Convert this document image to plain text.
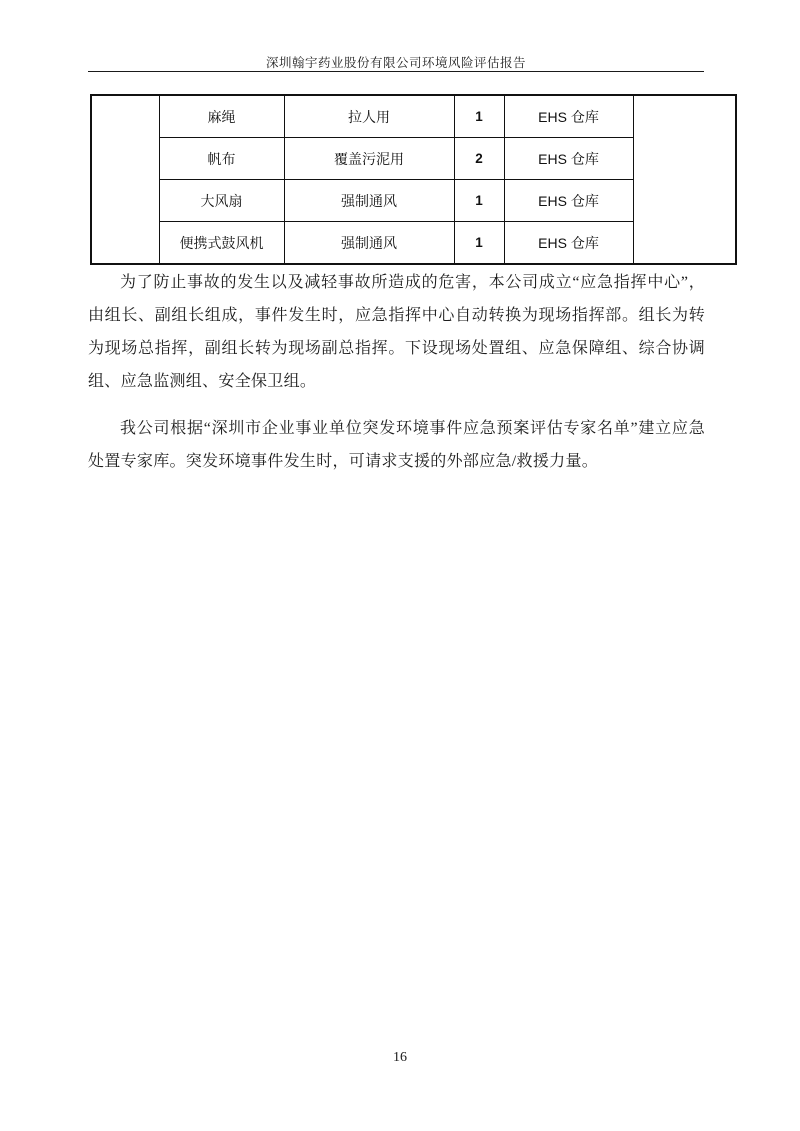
深圳翰宇药业股份有限公司环境风险评估报告
	麻绳	拉人用	1	EHS 仓库	
	帆布	覆盖污泥用	2	EHS 仓库	
	大风扇	强制通风	1	EHS 仓库	
	便携式鼓风机	强制通风	1	EHS 仓库	

为了防止事故的发生以及减轻事故所造成的危害，本公司成立“应急指挥中心”，由组长、副组长组成，事件发生时，应急指挥中心自动转换为现场指挥部。组长为转为现场总指挥，副组长转为现场副总指挥。下设现场处置组、应急保障组、综合协调组、应急监测组、安全保卫组。

我公司根据“深圳市企业事业单位突发环境事件应急预案评估专家名单”建立应急处置专家库。突发环境事件发生时，可请求支援的外部应急/救援力量。

16
